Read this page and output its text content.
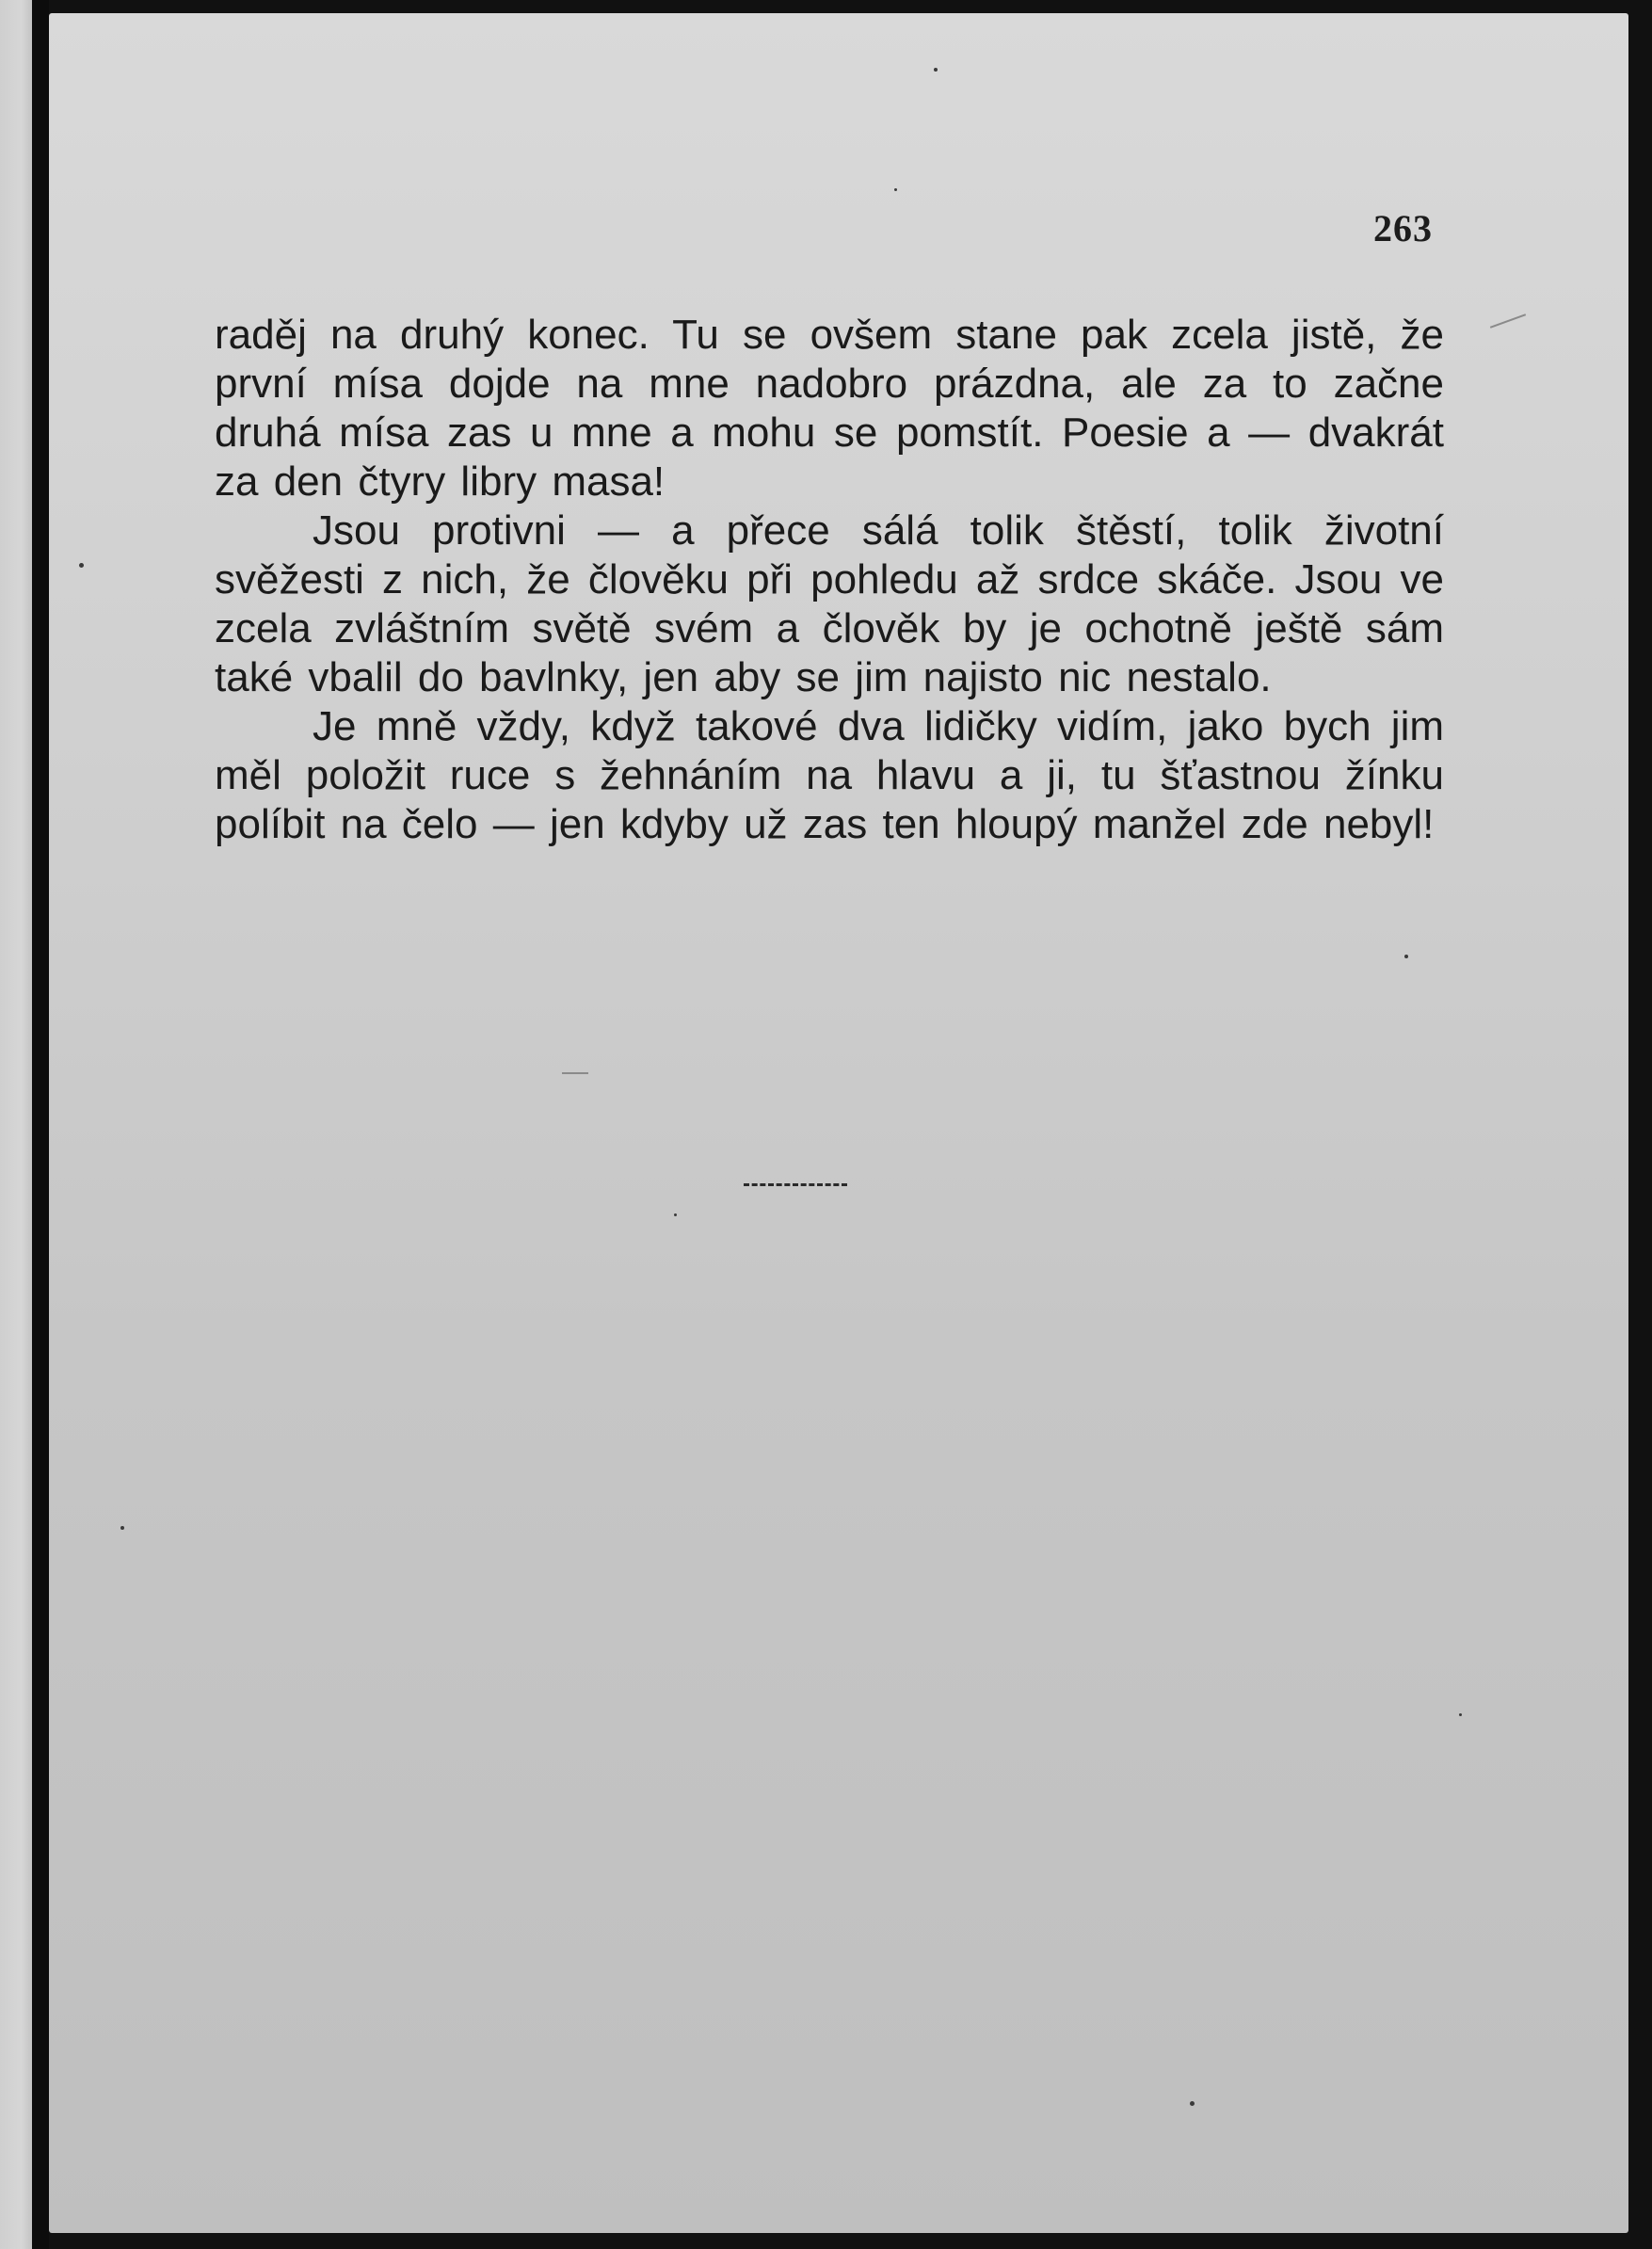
263

raděj na druhý konec. Tu se ovšem stane pak zcela jistě, že první mísa dojde na mne nadobro prázdna, ale za to začne druhá mísa zas u mne a mohu se pomstít. Poesie a — dvakrát za den čtyry libry masa!

Jsou protivni — a přece sálá tolik štěstí, tolik životní svěžesti z nich, že člověku při pohledu až srdce skáče. Jsou ve zcela zvláštním světě svém a člověk by je ochotně ještě sám také vbalil do bavlnky, jen aby se jim najisto nic nestalo.

Je mně vždy, když takové dva lidičky vidím, jako bych jim měl položit ruce s žehnáním na hlavu a ji, tu šťastnou žínku políbit na čelo — jen kdyby už zas ten hloupý manžel zde nebyl!
